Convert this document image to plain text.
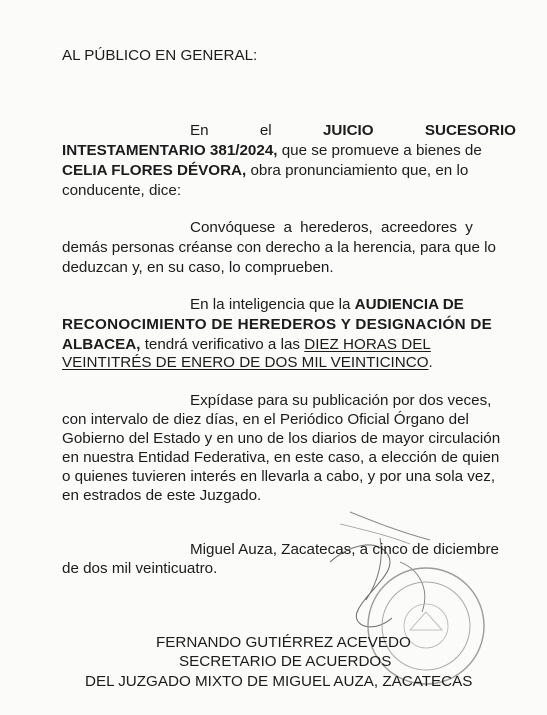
AL PÚBLICO EN GENERAL:
En	el	JUICIO	SUCESORIO
INTESTAMENTARIO 381/2024, que se promueve a bienes de
CELIA FLORES DÉVORA, obra pronunciamiento que, en lo
conducente, dice:
Convóquese a herederos, acreedores y
demás personas créanse con derecho a la herencia, para que lo
deduzcan y, en su caso, lo comprueben.
En la inteligencia que la AUDIENCIA DE
RECONOCIMIENTO DE HEREDEROS Y DESIGNACIÓN DE
ALBACEA, tendrá verificativo a las DIEZ HORAS DEL
VEINTITRÉS DE ENERO DE DOS MIL VEINTICINCO.
Expídase para su publicación por dos veces,
con intervalo de diez días, en el Periódico Oficial Órgano del
Gobierno del Estado y en uno de los diarios de mayor circulación
en nuestra Entidad Federativa, en este caso, a elección de quien
o quienes tuvieren interés en llevarla a cabo, y por una sola vez,
en estrados de este Juzgado.
Miguel Auza, Zacatecas, a cinco de diciembre
de dos mil veinticuatro.
FERNANDO GUTIÉRREZ ACEVEDO
SECRETARIO DE ACUERDOS
DEL JUZGADO MIXTO DE MIGUEL AUZA, ZACATECAS
